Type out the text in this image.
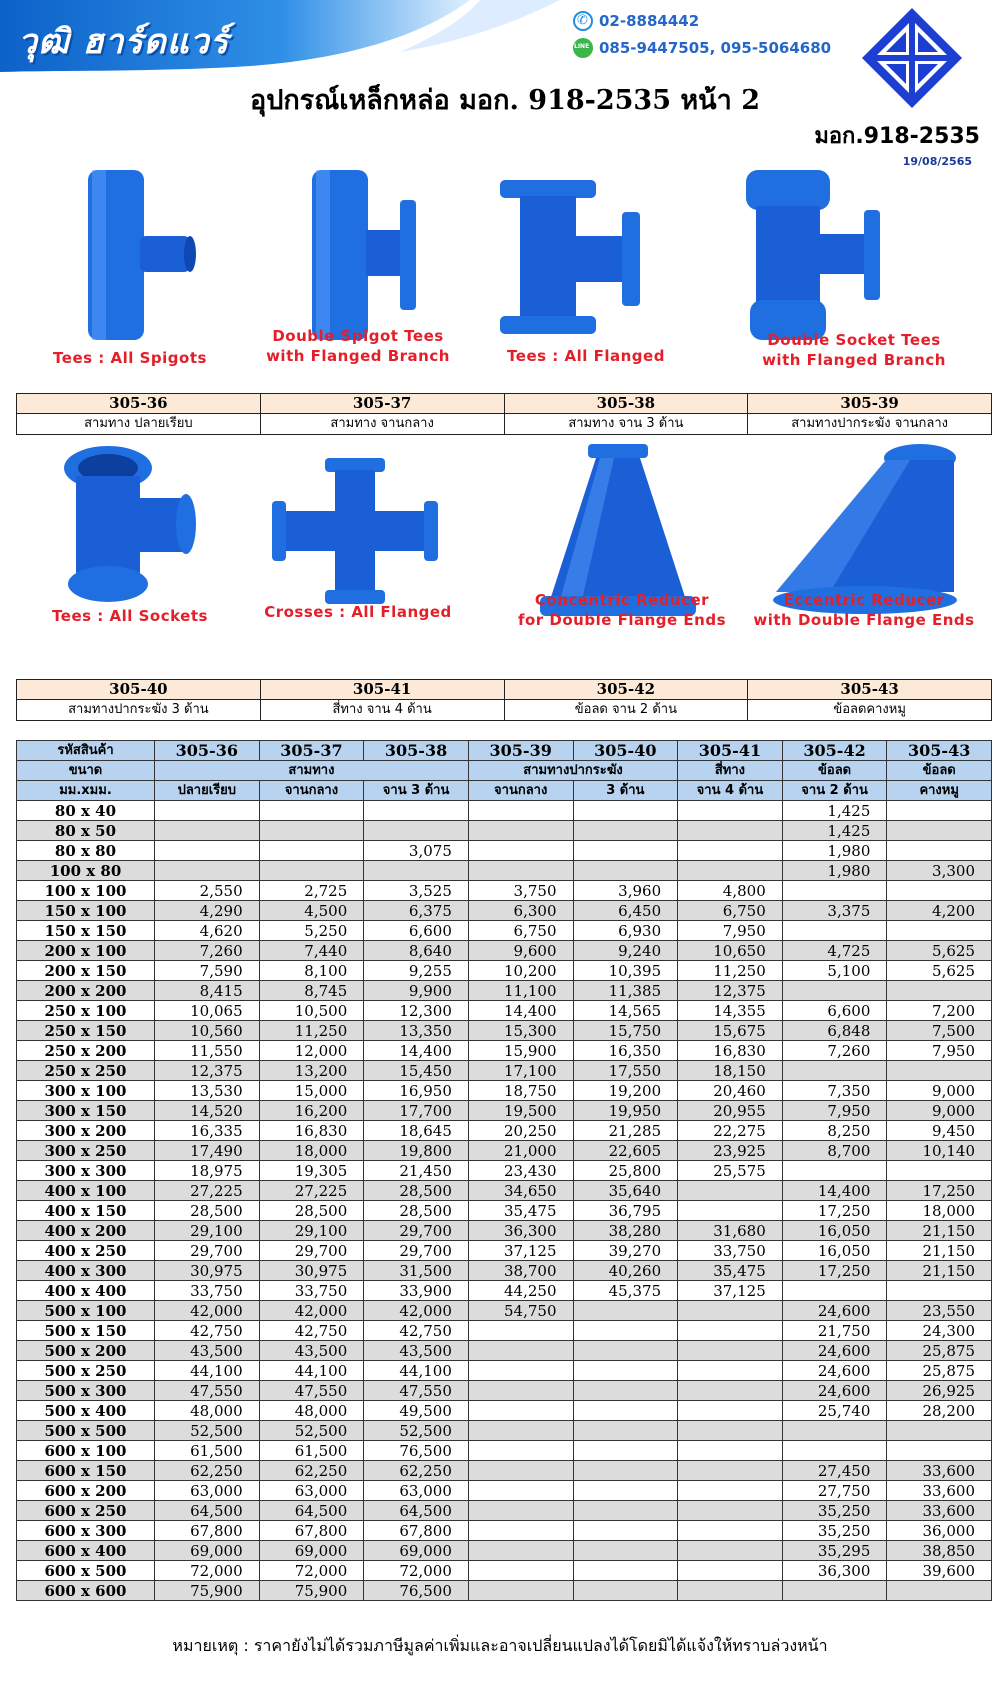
วุฒิ ฮาร์ดแวร์
✆
02-8884442
LINE
085-9447505, 095-5064680
อุปกรณ์เหล็กหล่อ มอก. 918-2535 หน้า 2
มอก.918-2535
19/08/2565
Tees : All Spigots
Double Spigot Tees
with Flanged Branch	Tees : All Flanged
Double Socket Tees
with Flanged Branch
305-36	305-37	305-38	305-39
สามทาง ปลายเรียบ	สามทาง จานกลาง	สามทาง จาน 3 ด้าน	สามทางปากระฆัง จานกลาง
Tees : All Sockets	Crosses : All Flanged
Concentric Reducer
for Double Flange Ends
Eccentric Reducer
with Double Flange Ends
305-40	305-41	305-42	305-43
สามทางปากระฆัง 3 ด้าน	สี่ทาง จาน 4 ด้าน	ข้อลด จาน 2 ด้าน	ข้อลดคางหมู
รหัสสินค้า	305-36	305-37	305-38	305-39	305-40	305-41	305-42	305-43
ขนาด	สามทาง			สามทางปากระฆัง		สี่ทาง	ข้อลด	ข้อลด
มม.xมม.	ปลายเรียบ	จานกลาง	จาน 3 ด้าน	จานกลาง	3 ด้าน	จาน 4 ด้าน	จาน 2 ด้าน	คางหมู
80 x 40							1,425	
80 x 50							1,425	
80 x 80			3,075				1,980	
100 x 80							1,980	3,300
100 x 100	2,550	2,725	3,525	3,750	3,960	4,800		
150 x 100	4,290	4,500	6,375	6,300	6,450	6,750	3,375	4,200
150 x 150	4,620	5,250	6,600	6,750	6,930	7,950		
200 x 100	7,260	7,440	8,640	9,600	9,240	10,650	4,725	5,625
200 x 150	7,590	8,100	9,255	10,200	10,395	11,250	5,100	5,625
200 x 200	8,415	8,745	9,900	11,100	11,385	12,375		
250 x 100	10,065	10,500	12,300	14,400	14,565	14,355	6,600	7,200
250 x 150	10,560	11,250	13,350	15,300	15,750	15,675	6,848	7,500
250 x 200	11,550	12,000	14,400	15,900	16,350	16,830	7,260	7,950
250 x 250	12,375	13,200	15,450	17,100	17,550	18,150		
300 x 100	13,530	15,000	16,950	18,750	19,200	20,460	7,350	9,000
300 x 150	14,520	16,200	17,700	19,500	19,950	20,955	7,950	9,000
300 x 200	16,335	16,830	18,645	20,250	21,285	22,275	8,250	9,450
300 x 250	17,490	18,000	19,800	21,000	22,605	23,925	8,700	10,140
300 x 300	18,975	19,305	21,450	23,430	25,800	25,575		
400 x 100	27,225	27,225	28,500	34,650	35,640		14,400	17,250
400 x 150	28,500	28,500	28,500	35,475	36,795		17,250	18,000
400 x 200	29,100	29,100	29,700	36,300	38,280	31,680	16,050	21,150
400 x 250	29,700	29,700	29,700	37,125	39,270	33,750	16,050	21,150
400 x 300	30,975	30,975	31,500	38,700	40,260	35,475	17,250	21,150
400 x 400	33,750	33,750	33,900	44,250	45,375	37,125		
500 x 100	42,000	42,000	42,000	54,750			24,600	23,550
500 x 150	42,750	42,750	42,750				21,750	24,300
500 x 200	43,500	43,500	43,500				24,600	25,875
500 x 250	44,100	44,100	44,100				24,600	25,875
500 x 300	47,550	47,550	47,550				24,600	26,925
500 x 400	48,000	48,000	49,500				25,740	28,200
500 x 500	52,500	52,500	52,500					
600 x 100	61,500	61,500	76,500					
600 x 150	62,250	62,250	62,250				27,450	33,600
600 x 200	63,000	63,000	63,000				27,750	33,600
600 x 250	64,500	64,500	64,500				35,250	33,600
600 x 300	67,800	67,800	67,800				35,250	36,000
600 x 400	69,000	69,000	69,000				35,295	38,850
600 x 500	72,000	72,000	72,000				36,300	39,600
600 x 600	75,900	75,900	76,500					
หมายเหตุ : ราคายังไม่ได้รวมภาษีมูลค่าเพิ่มและอาจเปลี่ยนแปลงได้โดยมิได้แจ้งให้ทราบล่วงหน้า
